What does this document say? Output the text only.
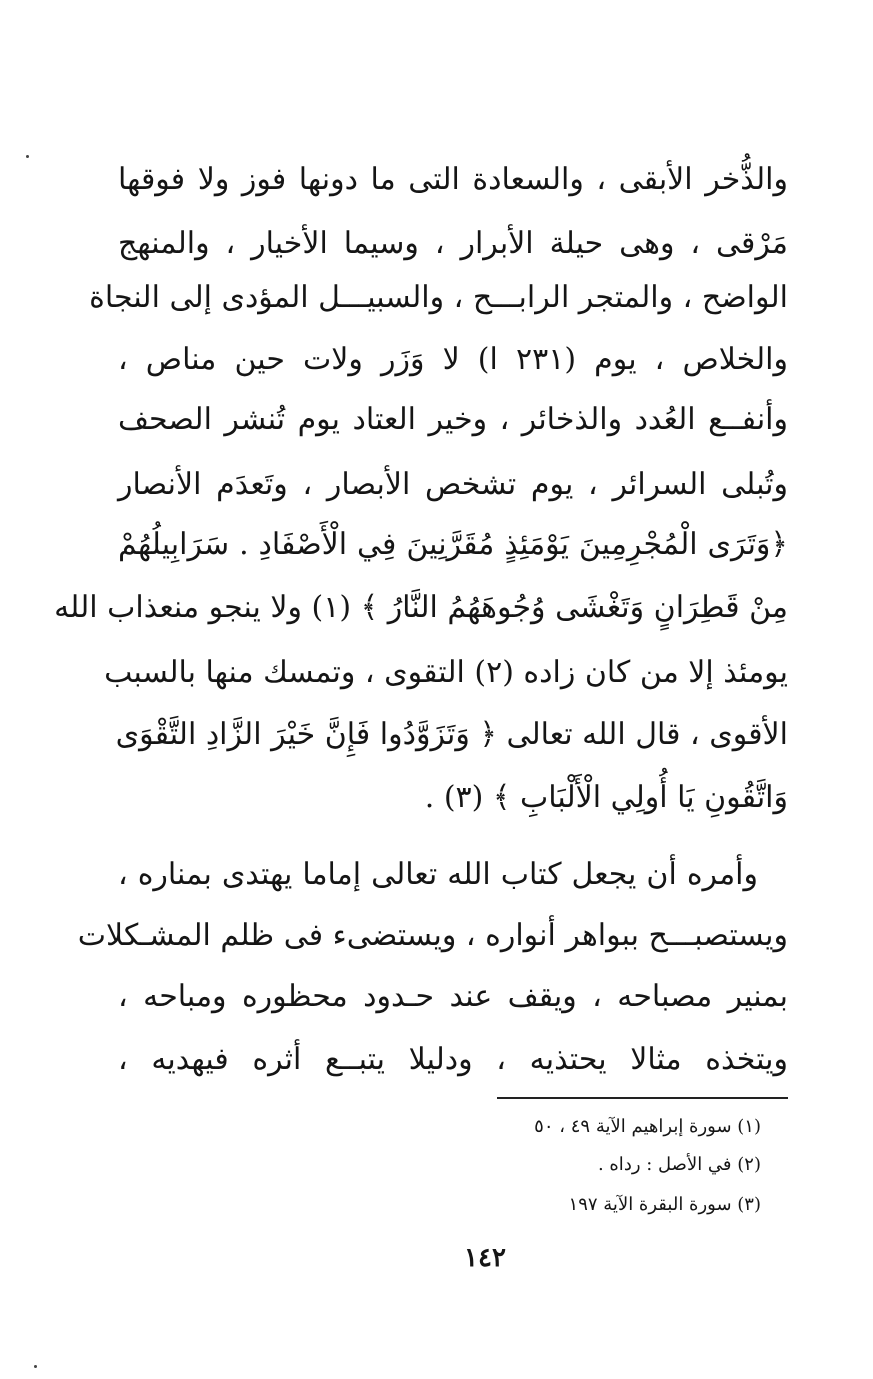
والذُّخر الأبقى ، والسعادة التى ما دونها فوز ولا فوقها
مَرْقى ، وهى حيلة الأبرار ، وسيما الأخيار ، والمنهج
الواضح ، والمتجر الرابـــح ، والسبيـــل المؤدى إلى النجاة
والخلاص ، يوم (٢٣١ ا) لا وَزَر ولات حين مناص ،
وأنفــع العُدد والذخائر ، وخير العتاد يوم تُنشر الصحف
وتُبلى السرائر ، يوم تشخص الأبصار ، وتَعدَم الأنصار
﴿وَتَرَى الْمُجْرِمِينَ يَوْمَئِذٍ مُقَرَّنِينَ فِي الْأَصْفَادِ . سَرَابِيلُهُمْ
مِنْ قَطِرَانٍ وَتَغْشَى وُجُوهَهُمُ النَّارُ ﴾ (١) ولا ينجو منعذاب الله
يومئذ إلا من كان زاده (٢) التقوى ، وتمسك منها بالسبب
الأقوى ، قال الله تعالى ﴿ وَتَزَوَّدُوا فَإِنَّ خَيْرَ الزَّادِ التَّقْوَى
وَاتَّقُونِ يَا أُولِي الْأَلْبَابِ ﴾ (٣) .
وأمره أن يجعل كتاب الله تعالى إماما يهتدى بمناره ،
ويستصبـــح ببواهر أنواره ، ويستضىء فى ظلم المشـكلات
بمنير مصباحه ، ويقف عند حـدود محظوره ومباحه ،
ويتخذه مثالا يحتذيه ، ودليلا يتبــع أثره فيهديه ،
(١) سورة إبراهيم الآية ٤٩ ، ٥٠
(٢) في الأصل : رداه .
(٣) سورة البقرة الآية ١٩٧
١٤٢
